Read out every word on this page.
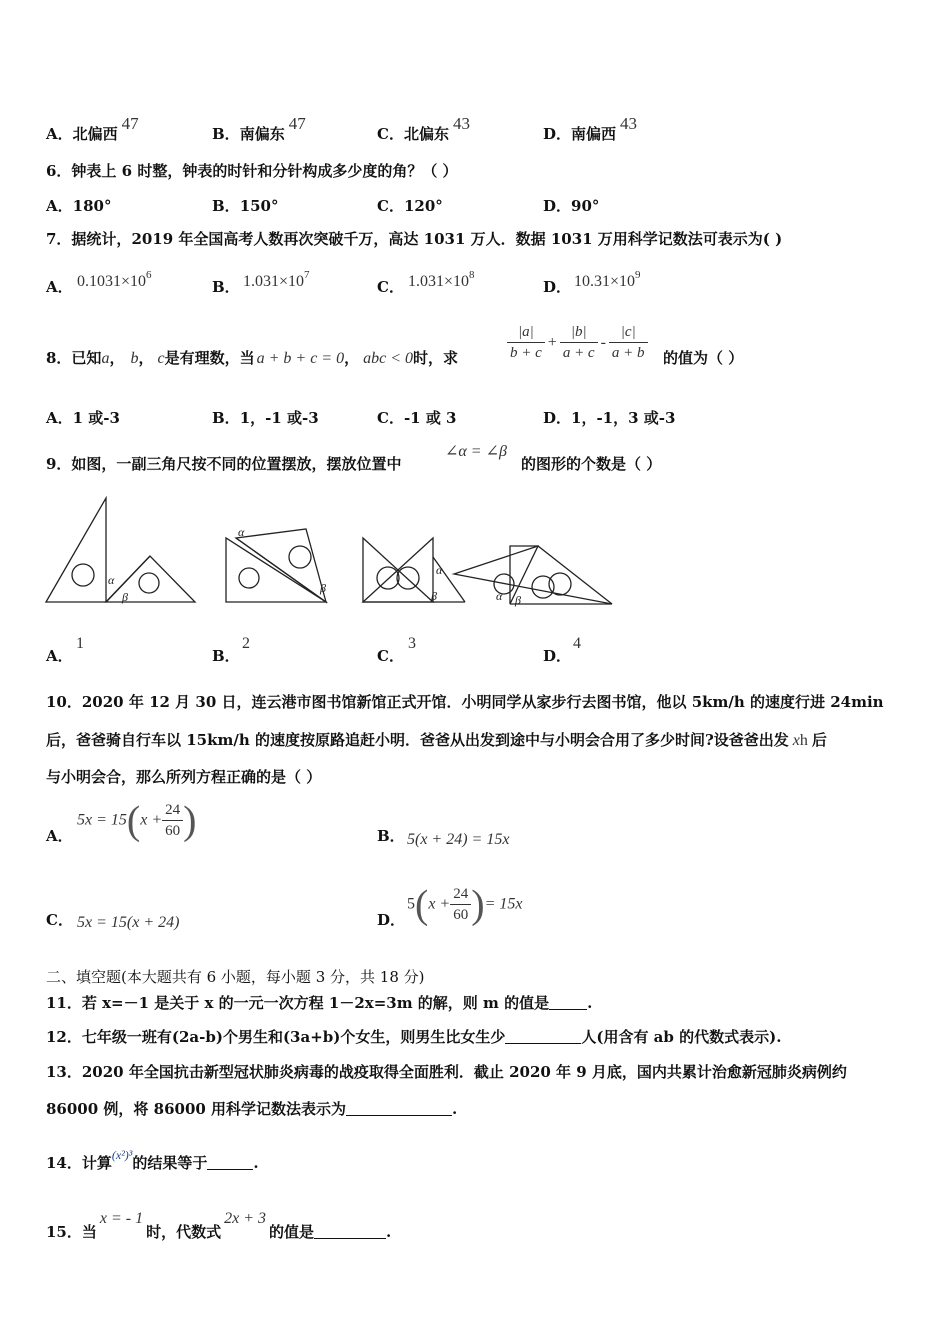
A．北偏西47
B．南偏东47
C．北偏东43
D．南偏西43
6．钟表上 6 时整，钟表的时针和分针构成多少度的角？（ ）
A．180°	B．150°	C．120°	D．90°
7．据统计，2019 年全国高考人数再次突破千万，高达 1031 万人．数据 1031 万用科学记数法可表示为( )
A． $0.1031\times 10^6$
B． $1.031\times 10^7$
C． $1.031\times 10^8$
D． $10.31\times 10^9$
8．已知a， b， c是有理数，当 a + b + c = 0， abc < 0时，求	$\frac{|a|}{b + c} + \frac{|b|}{a + c} - \frac{|c|}{a + b}$ 的值为（ ）
A．1 或-3	B．1，-1 或-3	C．-1 或 3	D．1，-1，3 或-3
9．如图，一副三角尺按不同的位置摆放，摆放位置中
∠α = ∠β
的图形的个数是（ ）
α
β
α
β
α
β	α β
A．
1
B．
2
C．
3
D．
4
10．2020 年 12 月 30 日，连云港市图书馆新馆正式开馆．小明同学从家步行去图书馆，他以 5km/h 的速度行进 24min
后，爸爸骑自行车以 15km/h 的速度按原路追赶小明．爸爸从出发到途中与小明会合用了多少时间?设爸爸出发 xh 后
与小明会合，那么所列方程正确的是（ ）
A．
$5x = 15(x + \frac{24}{60}$ )	B． 5(x + 24) = 15x
C． 5x = 15(x + 24)	D．
$5(x + \frac{24}{60}$ )= 15x
二、填空题(本大题共有 6 小题，每小题 3 分，共 18 分)
11．若 x=－1 是关于 x 的一元一次方程 1－2x=3m 的解，则 m 的值是	.
12．七年级一班有(2a-b)个男生和(3a+b)个女生，则男生比女生少	人(用含有 ab 的代数式表示).
13．2020 年全国抗击新型冠状肺炎病毒的战疫取得全面胜利．截止 2020 年 9 月底，国内共累计治愈新冠肺炎病例约
86000 例，将 86000 用科学记数法表示为	.
14．计算$^{(x^2)^3}$的结果等于	.
15．当x = - 1时，代数式2x + 3的值是	.
